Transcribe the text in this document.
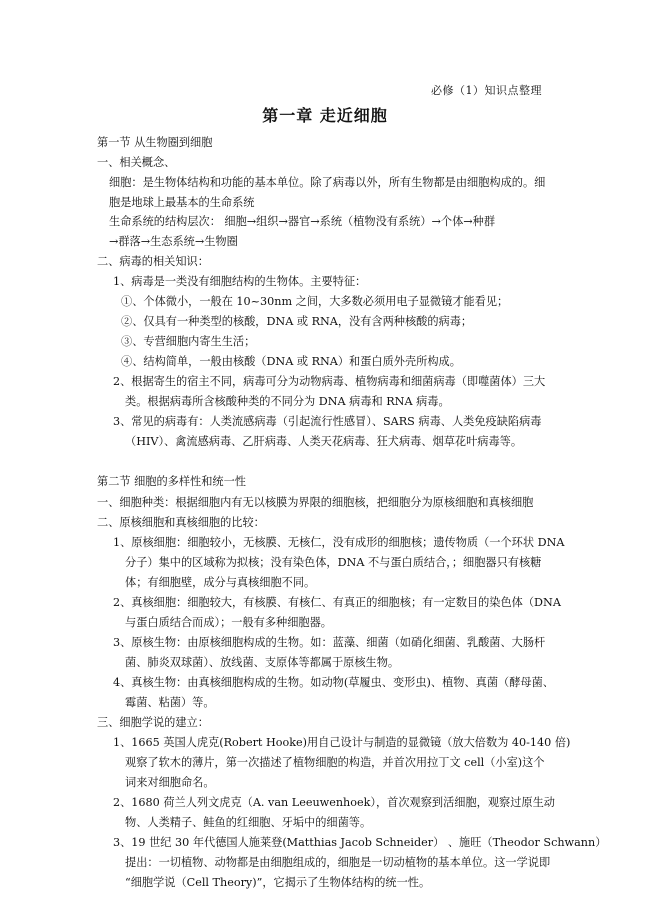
必修（1）知识点整理
第一章 走近细胞
第一节 从生物圈到细胞
一、相关概念、
细胞：是生物体结构和功能的基本单位。除了病毒以外，所有生物都是由细胞构成的。细
胞是地球上最基本的生命系统
生命系统的结构层次： 细胞→组织→器官→系统（植物没有系统）→个体→种群
→群落→生态系统→生物圈
二、病毒的相关知识：
1、病毒是一类没有细胞结构的生物体。主要特征：
①、个体微小，一般在 10~30nm 之间，大多数必须用电子显微镜才能看见；
②、仅具有一种类型的核酸，DNA 或 RNA，没有含两种核酸的病毒；
③、专营细胞内寄生生活；
④、结构简单，一般由核酸（DNA 或 RNA）和蛋白质外壳所构成。
2、根据寄生的宿主不同，病毒可分为动物病毒、植物病毒和细菌病毒（即噬菌体）三大
类。根据病毒所含核酸种类的不同分为 DNA 病毒和 RNA 病毒。
3、常见的病毒有：人类流感病毒（引起流行性感冒）、SARS 病毒、人类免疫缺陷病毒
（HIV）、禽流感病毒、乙肝病毒、人类天花病毒、狂犬病毒、烟草花叶病毒等。
第二节 细胞的多样性和统一性
一、细胞种类：根据细胞内有无以核膜为界限的细胞核，把细胞分为原核细胞和真核细胞
二、原核细胞和真核细胞的比较：
1、原核细胞：细胞较小，无核膜、无核仁，没有成形的细胞核；遗传物质（一个环状 DNA
分子）集中的区域称为拟核；没有染色体，DNA 不与蛋白质结合，；细胞器只有核糖
体；有细胞壁，成分与真核细胞不同。
2、真核细胞：细胞较大，有核膜、有核仁、有真正的细胞核；有一定数目的染色体（DNA
与蛋白质结合而成）；一般有多种细胞器。
3、原核生物：由原核细胞构成的生物。如：蓝藻、细菌（如硝化细菌、乳酸菌、大肠杆
菌、肺炎双球菌）、放线菌、支原体等都属于原核生物。
4、真核生物：由真核细胞构成的生物。如动物(草履虫、变形虫)、植物、真菌（酵母菌、
霉菌、粘菌）等。
三、细胞学说的建立：
1、1665 英国人虎克(Robert Hooke)用自己设计与制造的显微镜（放大倍数为 40-140 倍)
观察了软木的薄片，第一次描述了植物细胞的构造，并首次用拉丁文 cell（小室)这个
词来对细胞命名。
2、1680 荷兰人列文虎克（A. van Leeuwenhoek），首次观察到活细胞，观察过原生动
物、人类精子、鲑鱼的红细胞、牙垢中的细菌等。
3、19 世纪 30 年代德国人施莱登(Matthias Jacob Schneider） 、施旺（Theodor Schwann）
提出：一切植物、动物都是由细胞组成的，细胞是一切动植物的基本单位。这一学说即
“细胞学说（Cell Theory)”，它揭示了生物体结构的统一性。
